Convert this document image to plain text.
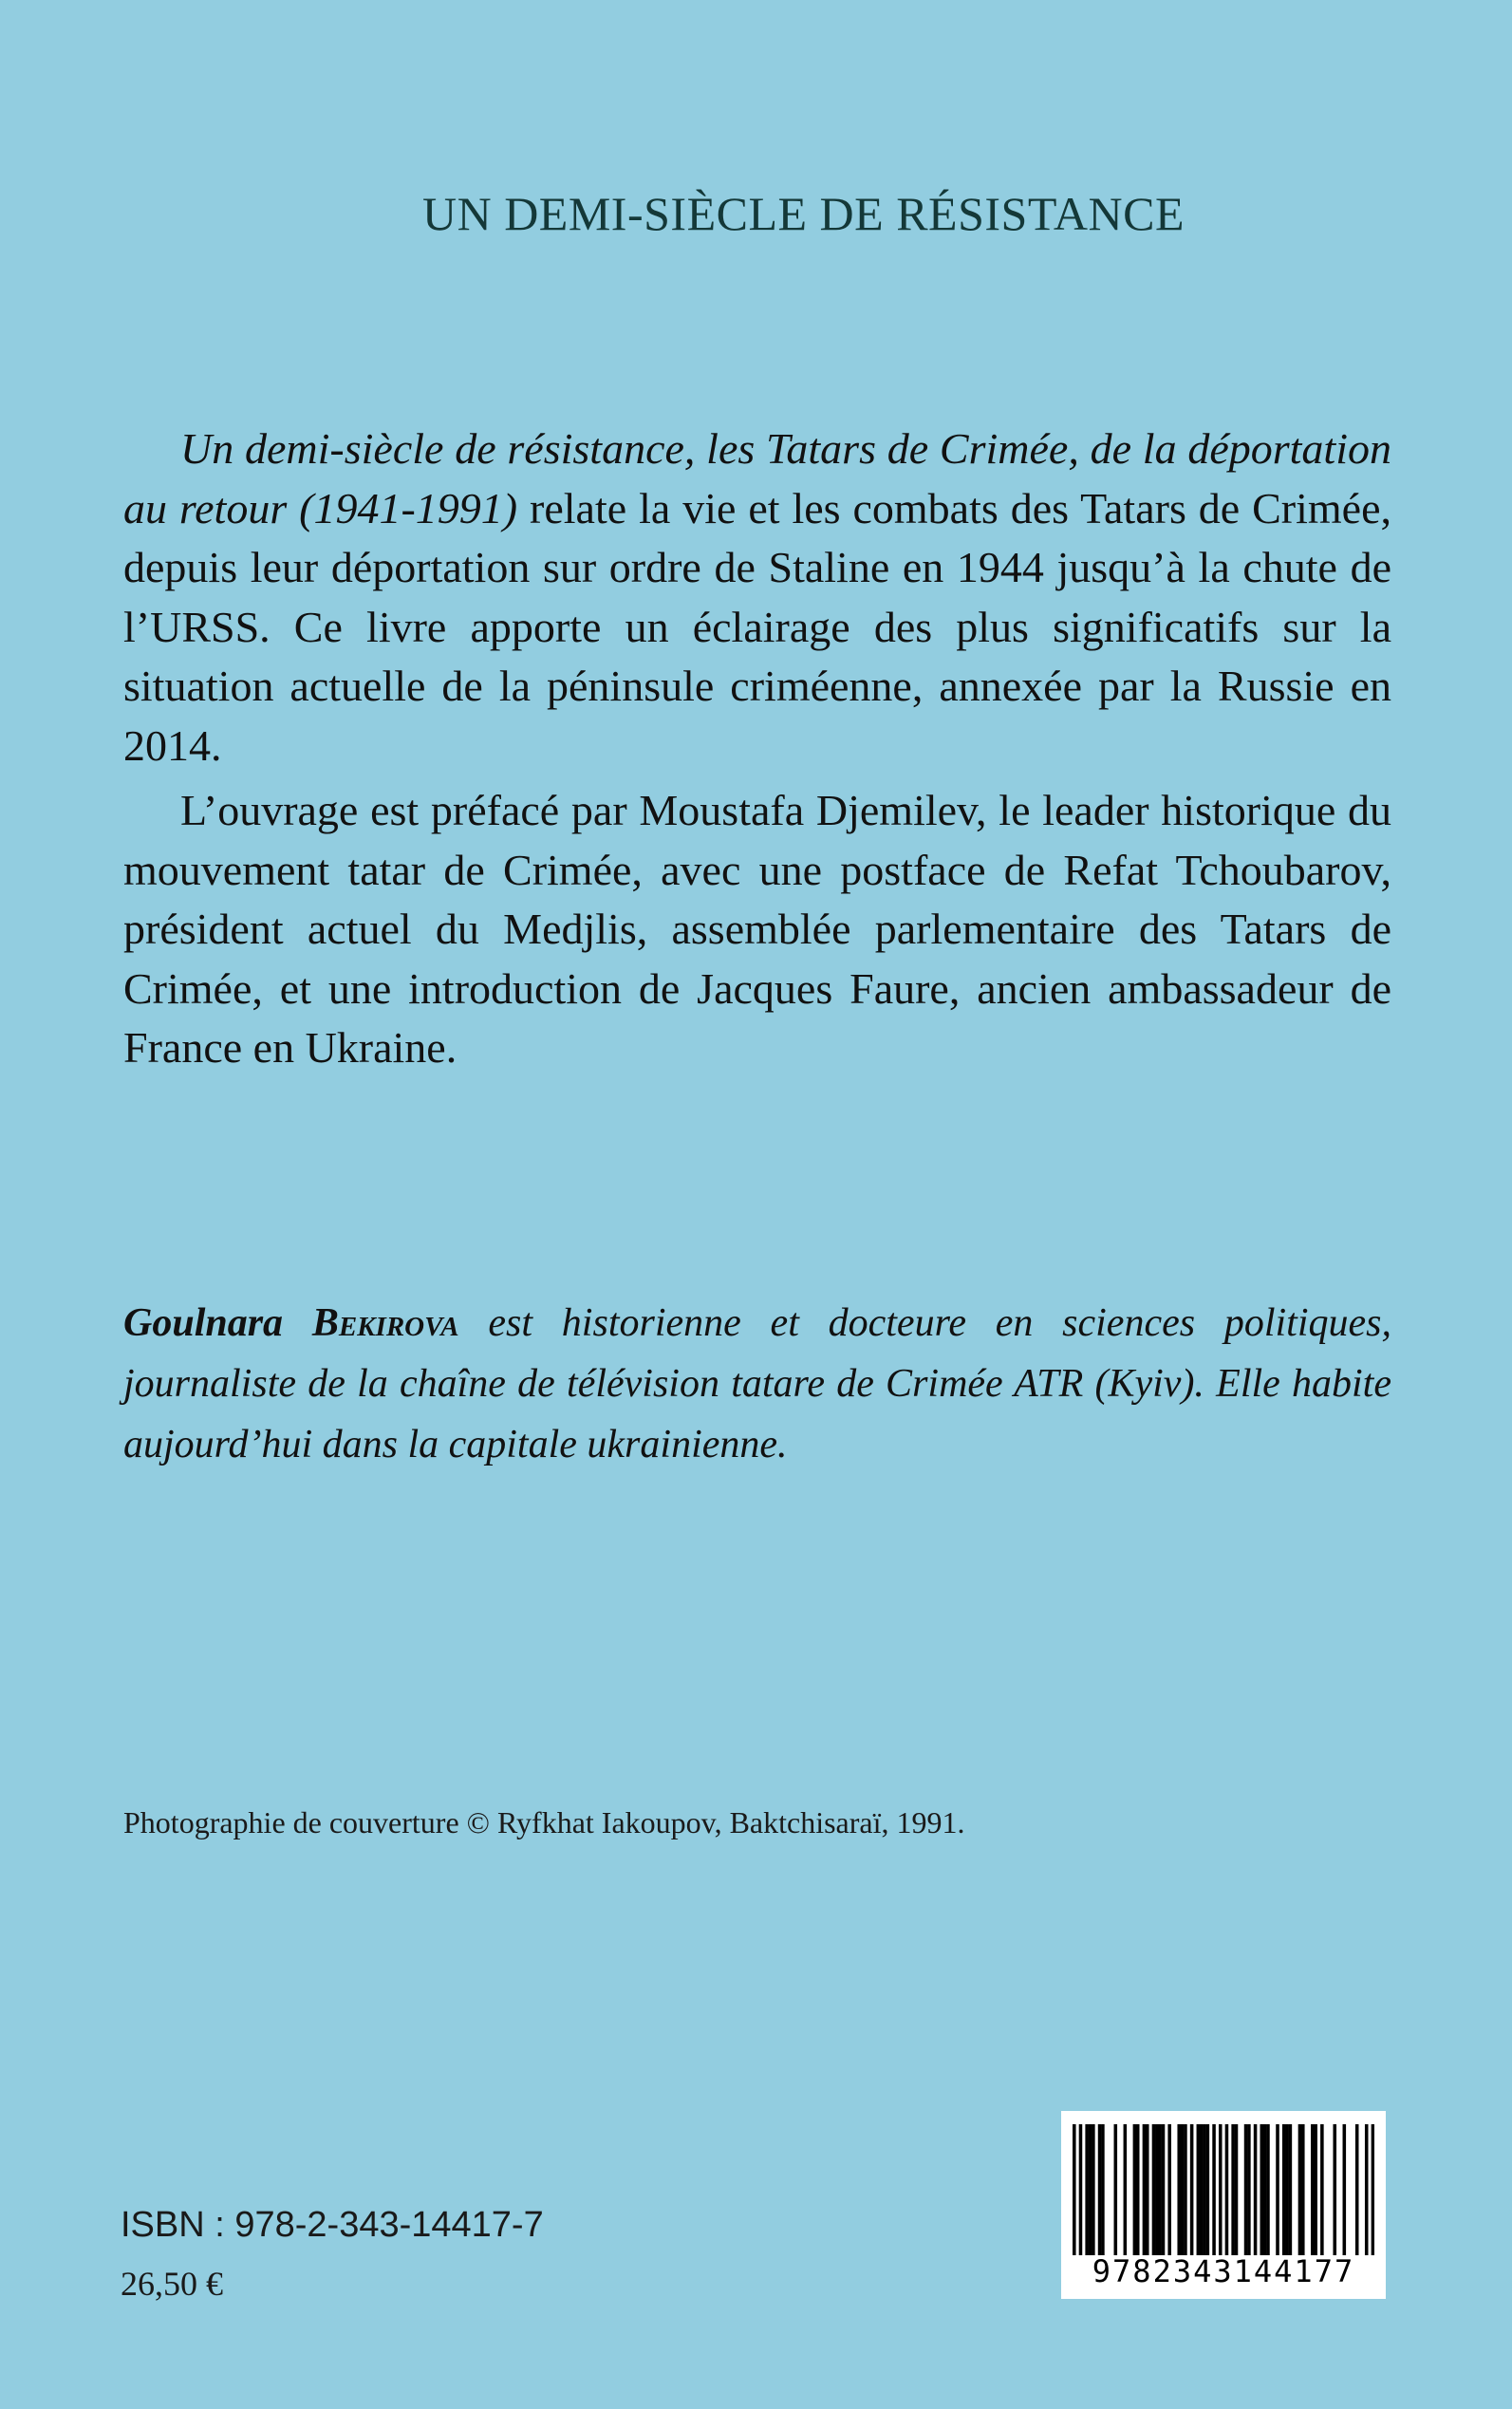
UN DEMI-SIÈCLE DE RÉSISTANCE

Un demi-siècle de résistance, les Tatars de Crimée, de la déportation au retour (1941-1991) relate la vie et les combats des Tatars de Crimée, depuis leur déportation sur ordre de Staline en 1944 jusqu’à la chute de l’URSS. Ce livre apporte un éclairage des plus significatifs sur la situation actuelle de la péninsule criméenne, annexée par la Russie en 2014.

L’ouvrage est préfacé par Moustafa Djemilev, le leader historique du mouvement tatar de Crimée, avec une postface de Refat Tchoubarov, président actuel du Medjlis, assemblée parlementaire des Tatars de Crimée, et une introduction de Jacques Faure, ancien ambassadeur de France en Ukraine.

Goulnara Bekirova est historienne et docteure en sciences politiques, journaliste de la chaîne de télévision tatare de Crimée ATR (Kyiv). Elle habite aujourd’hui dans la capitale ukrainienne.
Photographie de couverture © Ryfkhat Iakoupov, Baktchisaraï, 1991.
ISBN : 978-2-343-14417-7
26,50 €	9782343144177
